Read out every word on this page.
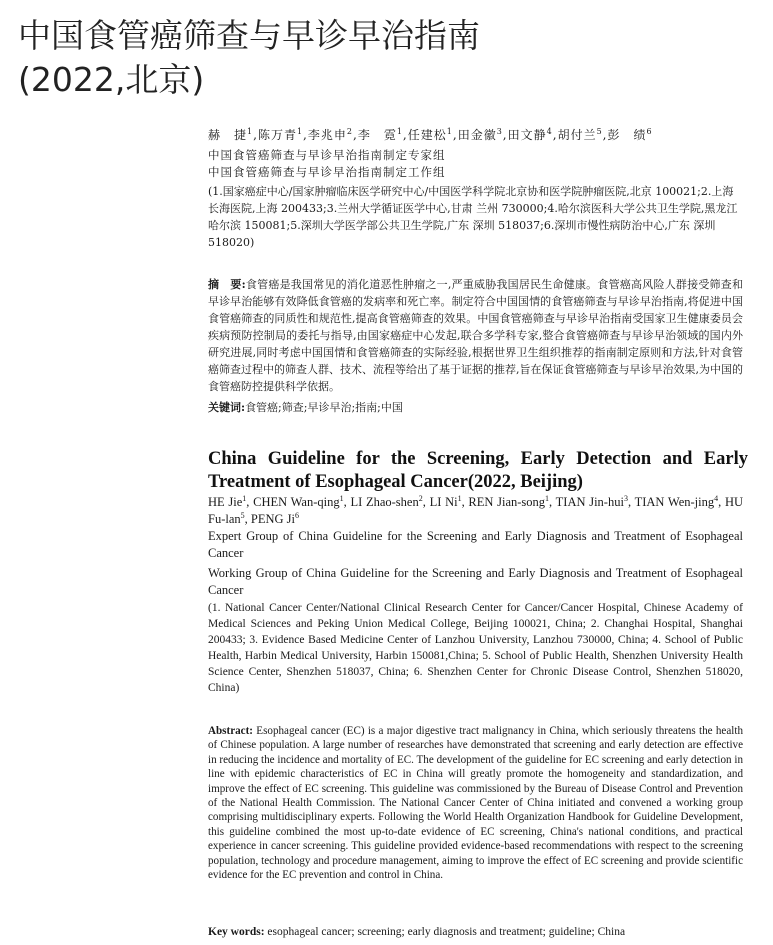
中国食管癌筛查与早诊早治指南
(2022,北京)
赫　捷$^1$,陈万青$^1$,李兆申$^2$,李　霓$^1$,任建松$^1$,田金徽$^3$,田文静$^4$,胡付兰$^5$,彭　绩$^6$
中国食管癌筛查与早诊早治指南制定专家组
中国食管癌筛查与早诊早治指南制定工作组
(1.国家癌症中心/国家肿瘤临床医学研究中心/中国医学科学院北京协和医学院肿瘤医院,北京 100021;2.上海长海医院,上海 200433;3.兰州大学循证医学中心,甘肃 兰州 730000;4.哈尔滨医科大学公共卫生学院,黑龙江 哈尔滨 150081;5.深圳大学医学部公共卫生学院,广东 深圳 518037;6.深圳市慢性病防治中心,广东 深圳 518020)
摘　要:食管癌是我国常见的消化道恶性肿瘤之一,严重威胁我国居民生命健康。食管癌高风险人群接受筛查和早诊早治能够有效降低食管癌的发病率和死亡率。制定符合中国国情的食管癌筛查与早诊早治指南,将促进中国食管癌筛查的同质性和规范性,提高食管癌筛查的效果。中国食管癌筛查与早诊早治指南受国家卫生健康委员会疾病预防控制局的委托与指导,由国家癌症中心发起,联合多学科专家,整合食管癌筛查与早诊早治领域的国内外研究进展,同时考虑中国国情和食管癌筛查的实际经验,根据世界卫生组织推荐的指南制定原则和方法,针对食管癌筛查过程中的筛查人群、技术、流程等给出了基于证据的推荐,旨在保证食管癌筛查与早诊早治效果,为中国的食管癌防控提供科学依据。
关键词:食管癌;筛查;早诊早治;指南;中国
China Guideline for the Screening, Early Detection and Early Treatment of Esophageal Cancer(2022, Beijing)
HE Jie$^1$, CHEN Wan-qing$^1$, LI Zhao-shen$^2$, LI Ni$^1$, REN Jian-song$^1$, TIAN Jin-hui$^3$, TIAN Wen-jing$^4$, HU Fu-lan$^5$, PENG Ji$^6$
Expert Group of China Guideline for the Screening and Early Diagnosis and Treatment of Esophageal Cancer
Working Group of China Guideline for the Screening and Early Diagnosis and Treatment of Esophageal Cancer
(1. National Cancer Center/National Clinical Research Center for Cancer/Cancer Hospital, Chinese Academy of Medical Sciences and Peking Union Medical College, Beijing 100021, China; 2. Changhai Hospital, Shanghai 200433; 3. Evidence Based Medicine Center of Lanzhou University, Lanzhou 730000, China; 4. School of Public Health, Harbin Medical University, Harbin 150081,China; 5. School of Public Health, Shenzhen University Health Science Center, Shenzhen 518037, China; 6. Shenzhen Center for Chronic Disease Control, Shenzhen 518020, China)
Abstract: Esophageal cancer (EC) is a major digestive tract malignancy in China, which seriously threatens the health of Chinese population. A large number of researches have demonstrated that screening and early detection are effective in reducing the incidence and mortality of EC. The development of the guideline for EC screening and early detection in line with epidemic characteristics of EC in China will greatly promote the homogeneity and standardization, and improve the effect of EC screening. This guideline was commissioned by the Bureau of Disease Control and Prevention of the National Health Commission. The National Cancer Center of China initiated and convened a working group comprising multidisciplinary experts. Following the World Health Organization Handbook for Guideline Development, this guideline combined the most up-to-date evidence of EC screening, China's national conditions, and practical experience in cancer screening. This guideline provided evidence-based recommendations with respect to the screening population, technology and procedure management, aiming to improve the effect of EC screening and provide scientific evidence for the EC prevention and control in China.
Key words: esophageal cancer; screening; early diagnosis and treatment; guideline; China
